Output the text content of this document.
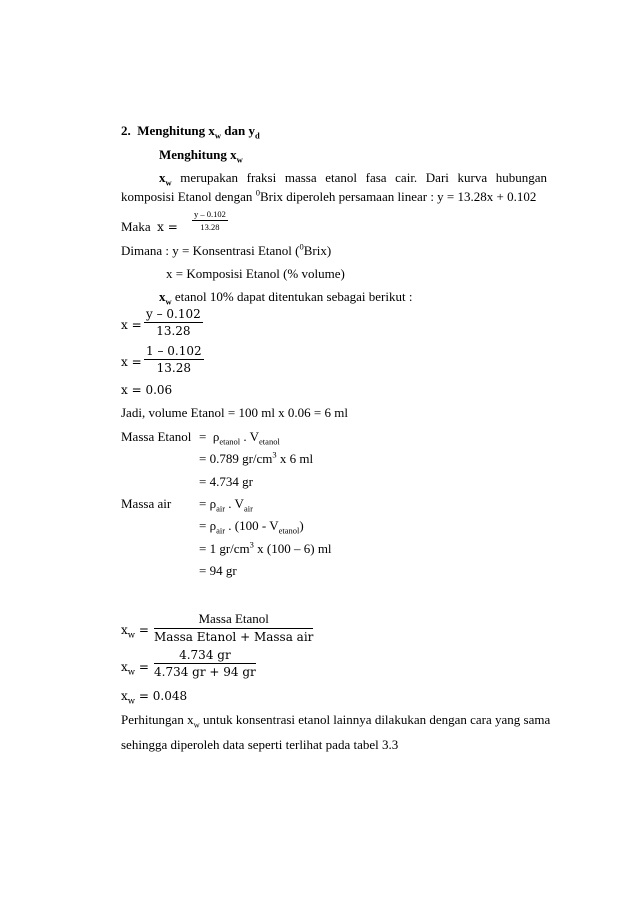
2. Menghitung $x_w$ dan $y_d$
Menghitung $x_w$
$x_w$ merupakan fraksi massa etanol fasa cair. Dari kurva hubungan
komposisi Etanol dengan $^0$Brix diperoleh persamaan linear : y = 13.28x + 0.102
Maka $x = \frac{y - 0.102}{13.28}$
Dimana : y = Konsentrasi Etanol ($^0$Brix)
x = Komposisi Etanol (% volume)
$x_w$ etanol 10% dapat ditentukan sebagai berikut :
$x = \frac{y - 0.102}{13.28}$
$x = \frac{1 - 0.102}{13.28}$
x = 0.06
Jadi, volume Etanol = 100 ml x 0.06 = 6 ml
Massa Etanol = $\rho_{etanol}$ . $V_{etanol}$
= 0.789 $gr/cm^3$ x 6 ml
= 4.734 gr
Massa air = $\rho_{air}$ . $V_{air}$
= $\rho_{air}$ . $(100 - V_{etanol})$
= 1 $gr/cm^3$ x (100 – 6) ml
= 94 gr
$x_w$ =
Massa Etanol
Massa Etanol + Massa air
$x_w = \frac{4.734 gr}{4.734 gr + 94 gr}$
$x_w = 0.048$
Perhitungan $x_w$ untuk konsentrasi etanol lainnya dilakukan dengan cara yang sama
sehingga diperoleh data seperti terlihat pada tabel 3.3
